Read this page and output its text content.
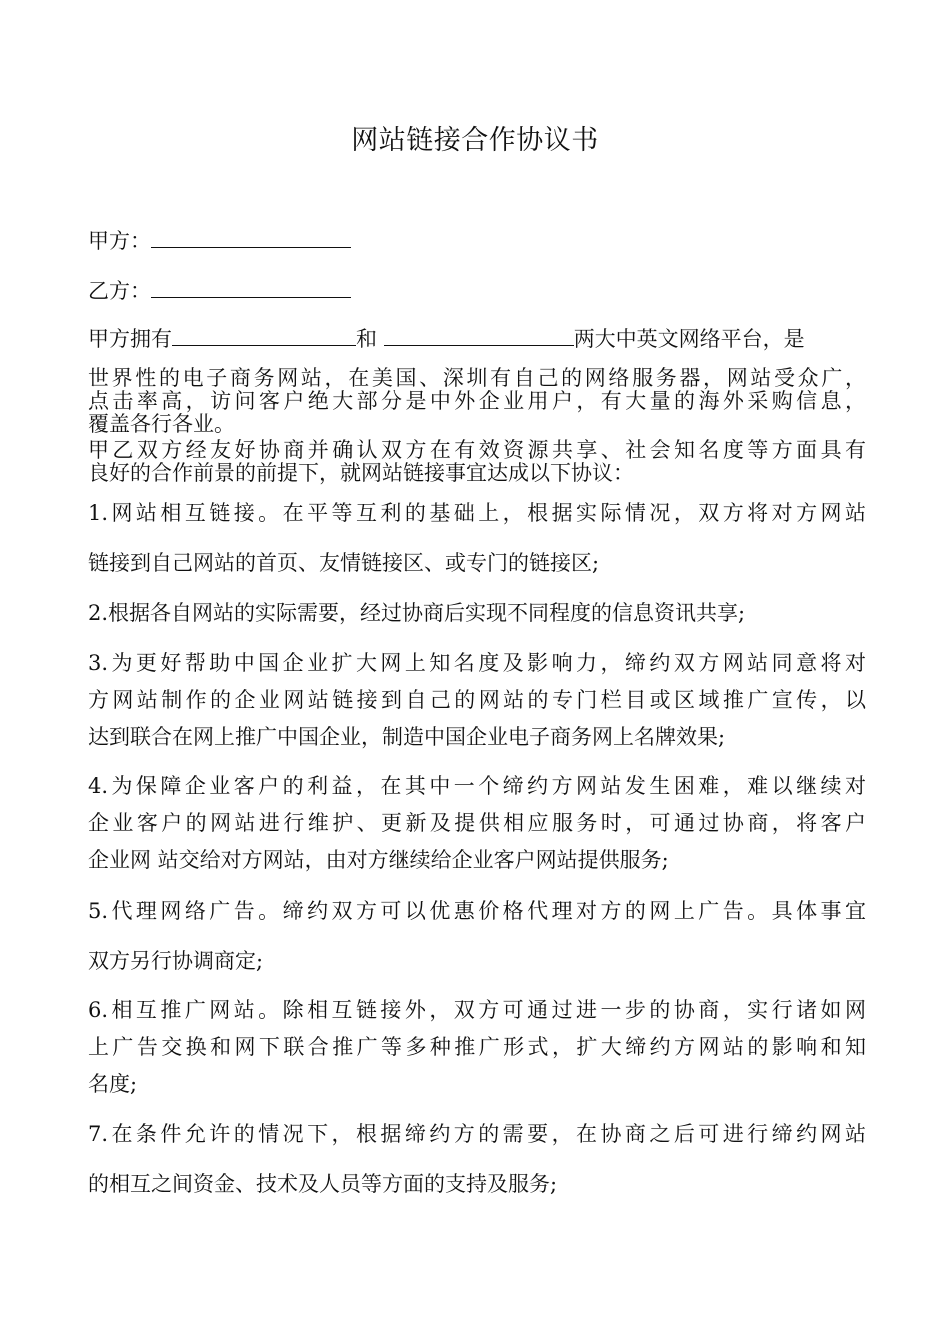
网站链接合作协议书
甲方：
乙方：
甲方拥有	和	两大中英文网络平台，是
世界性的电子商务网站，在美国、深圳有自己的网络服务器，网站受众广，
点击率高，访问客户绝大部分是中外企业用户，有大量的海外采购信息，
覆盖各行各业。
甲乙双方经友好协商并确认双方在有效资源共享、社会知名度等方面具有
良好的合作前景的前提下，就网站链接事宜达成以下协议：
1.网站相互链接。在平等互利的基础上，根据实际情况，双方将对方网站
链接到自己网站的首页、友情链接区、或专门的链接区;
2.根据各自网站的实际需要，经过协商后实现不同程度的信息资讯共享;
3.为更好帮助中国企业扩大网上知名度及影响力，缔约双方网站同意将对
方网站制作的企业网站链接到自己的网站的专门栏目或区域推广宣传，以
达到联合在网上推广中国企业，制造中国企业电子商务网上名牌效果;
4.为保障企业客户的利益，在其中一个缔约方网站发生困难，难以继续对
企业客户的网站进行维护、更新及提供相应服务时，可通过协商，将客户
企业网 站交给对方网站，由对方继续给企业客户网站提供服务;
5.代理网络广告。缔约双方可以优惠价格代理对方的网上广告。具体事宜
双方另行协调商定;
6.相互推广网站。除相互链接外，双方可通过进一步的协商，实行诸如网
上广告交换和网下联合推广等多种推广形式，扩大缔约方网站的影响和知
名度;
7.在条件允许的情况下，根据缔约方的需要，在协商之后可进行缔约网站
的相互之间资金、技术及人员等方面的支持及服务;
